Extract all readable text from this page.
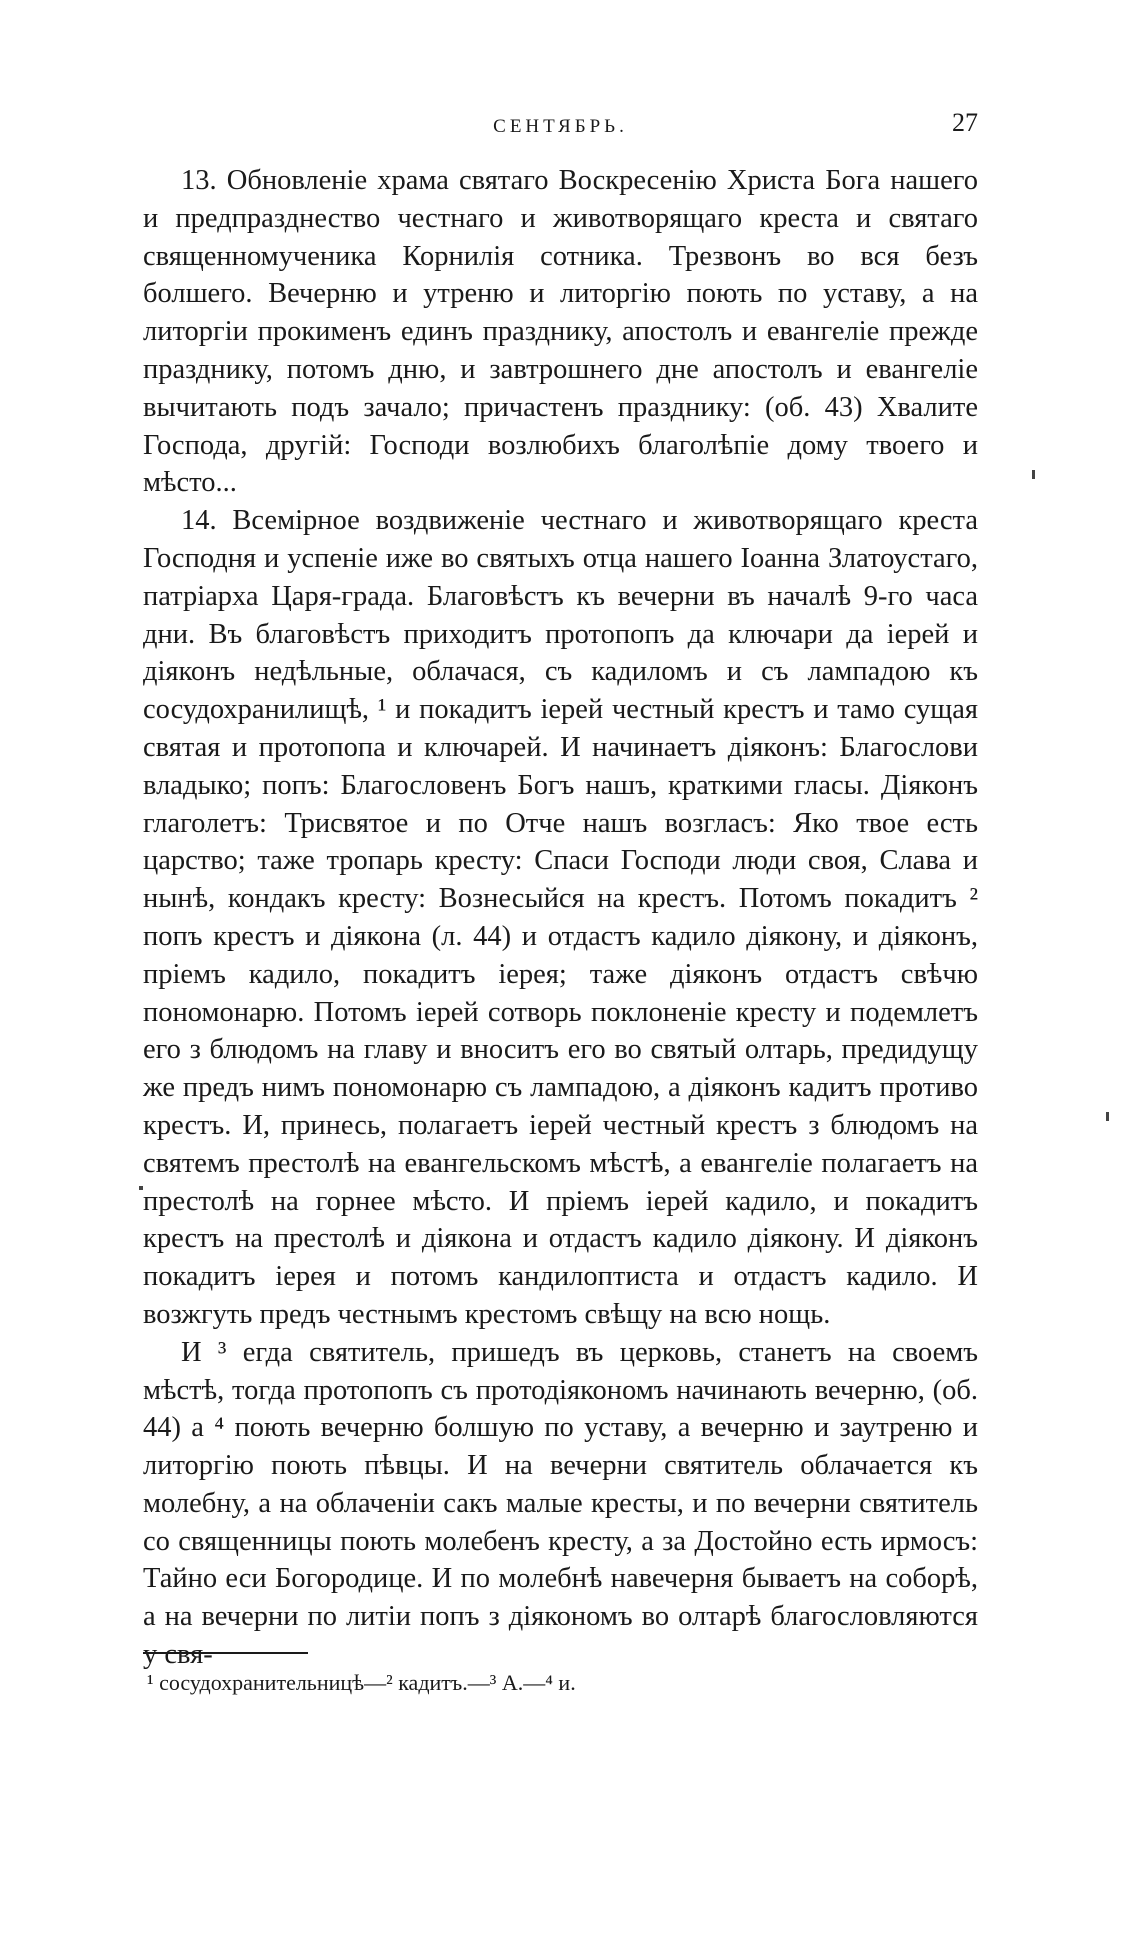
СЕНТЯБРЬ.	27

13. Обновленіе храма святаго Воскресенію Христа Бога нашего и предпразднество честнаго и животворящаго креста и святаго священномученика Корнилія сотника. Трезвонъ во вся безъ болшего. Вечерню и утреню и литоргію поють по уставу, а на литоргіи прокименъ единъ празднику, апостолъ и евангеліе прежде празднику, потомъ дню, и завтрошнего дне апостолъ и евангеліе вычитають подъ зачало; причастенъ празднику: (об. 43) Хвалите Господа, другій: Господи возлюбихъ благолѣпіе дому твоего и мѣсто...

14. Всемірное воздвиженіе честнаго и животворящаго креста Господня и успеніе иже во святыхъ отца нашего Іоанна Златоустаго, патріарха Царя-града. Благовѣстъ къ вечерни въ началѣ 9-го часа дни. Въ благовѣстъ приходитъ протопопъ да ключари да іерей и діяконъ недѣльные, облачася, съ кадиломъ и съ лампадою къ сосудохранилищѣ, ¹ и покадитъ іерей честный крестъ и тамо сущая святая и протопопа и ключарей. И начинаетъ діяконъ: Благослови владыко; попъ: Благословенъ Богъ нашъ, краткими гласы. Діяконъ глаголетъ: Трисвятое и по Отче нашъ возгласъ: Яко твое есть царство; таже тропарь кресту: Спаси Господи люди своя, Слава и нынѣ, кондакъ кресту: Вознесыйся на крестъ. Потомъ покадитъ ² попъ крестъ и діякона (л. 44) и отдастъ кадило діякону, и діяконъ, пріемъ кадило, покадитъ іерея; таже діяконъ отдастъ свѣчю пономонарю. Потомъ іерей сотворь поклоненіе кресту и подемлетъ его з блюдомъ на главу и вноситъ его во святый олтарь, предидущу же предъ нимъ пономонарю съ лампадою, а діяконъ кадитъ противо крестъ. И, принесь, полагаетъ іерей честный крестъ з блюдомъ на святемъ престолѣ на евангельскомъ мѣстѣ, а евангеліе полагаетъ на престолѣ на горнее мѣсто. И пріемъ іерей кадило, и покадитъ крестъ на престолѣ и діякона и отдастъ кадило діякону. И діяконъ покадитъ іерея и потомъ кандилоптиста и отдастъ кадило. И возжгуть предъ честнымъ крестомъ свѣщу на всю нощь.

И ³ егда святитель, пришедъ въ церковь, станетъ на своемъ мѣстѣ, тогда протопопъ съ протодіякономъ начинають вечерню, (об. 44) а ⁴ поють вечерню болшую по уставу, а вечерню и заутреню и литоргію поють пѣвцы. И на вечерни святитель облачается къ молебну, а на облаченіи сакъ малые кресты, и по вечерни святитель со священницы поють молебенъ кресту, а за Достойно есть ирмосъ: Тайно еси Богородице. И по молебнѣ навечерня бываетъ на соборѣ, а на вечерни по литіи попъ з діякономъ во олтарѣ благословляются у свя-

¹ сосудохранительницѣ—² кадитъ.—³ А.—⁴ и.
